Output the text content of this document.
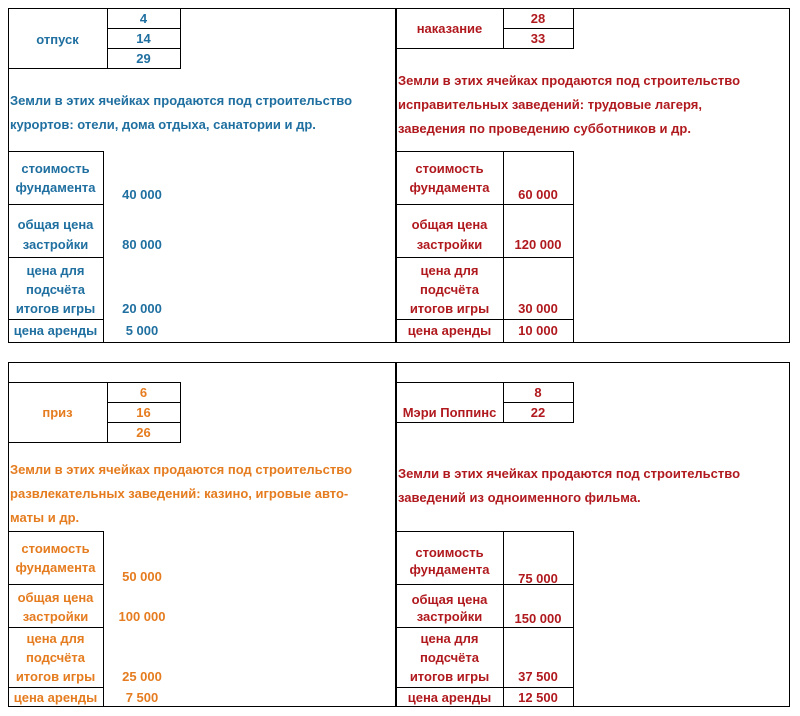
отпуск
4
14
29
Земли в этих ячейках продаются под строительство курортов: отели, дома отдыха, санатории и др.
стоимость
фундамента	40 000
общая цена
застройки	80 000
цена для
подсчёта
итогов игры	20 000
цена аренды	5 000
наказание
28
33
Земли в этих ячейках продаются под строительство исправительных заведений: трудовые лагеря, заведения по проведению субботников и др.
стоимость
фундамента	60 000
общая цена
застройки	120 000
цена для
подсчёта
итогов игры	30 000
цена аренды	10 000
приз
6
16
26
Земли в этих ячейках продаются под строительство развлекательных заведений: казино, игровые авто-маты и др.
стоимость
фундамента
50 000
общая цена
застройки	100 000
цена для
подсчёта
итогов игры	25 000
цена аренды	7 500
Мэри Поппинс
8
22
Земли в этих ячейках продаются под строительство заведений из одноименного фильма.
стоимость
фундамента
75 000
общая цена
застройки	150 000
цена для
подсчёта
итогов игры	37 500
цена аренды	12 500
